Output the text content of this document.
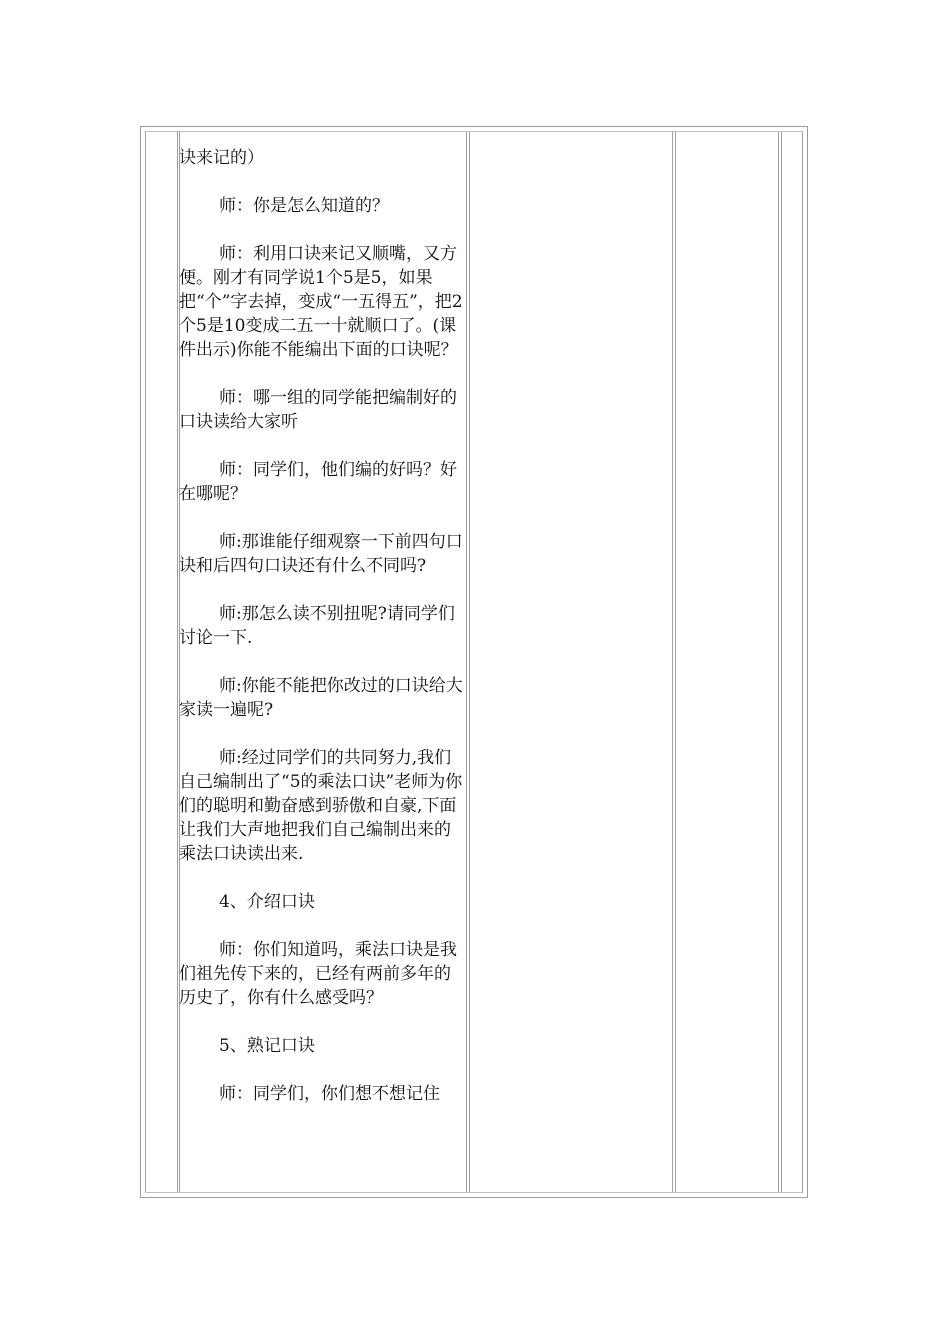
诀来记的）

师：你是怎么知道的？

师：利用口诀来记又顺嘴，又方便。刚才有同学说1个5是5，如果把“个”字去掉，变成“一五得五”，把2个5是10变成二五一十就顺口了。(课件出示)你能不能编出下面的口诀呢？

师：哪一组的同学能把编制好的口诀读给大家听

师：同学们，他们编的好吗？好在哪呢？

师:那谁能仔细观察一下前四句口诀和后四句口诀还有什么不同吗?

师:那怎么读不别扭呢?请同学们讨论一下.

师:你能不能把你改过的口诀给大家读一遍呢?

师:经过同学们的共同努力,我们自己编制出了“5的乘法口诀”老师为你们的聪明和勤奋感到骄傲和自豪,下面让我们大声地把我们自己编制出来的乘法口诀读出来.

4、介绍口诀

师：你们知道吗，乘法口诀是我们祖先传下来的，已经有两前多年的历史了，你有什么感受吗？

5、熟记口诀

师：同学们，你们想不想记住
